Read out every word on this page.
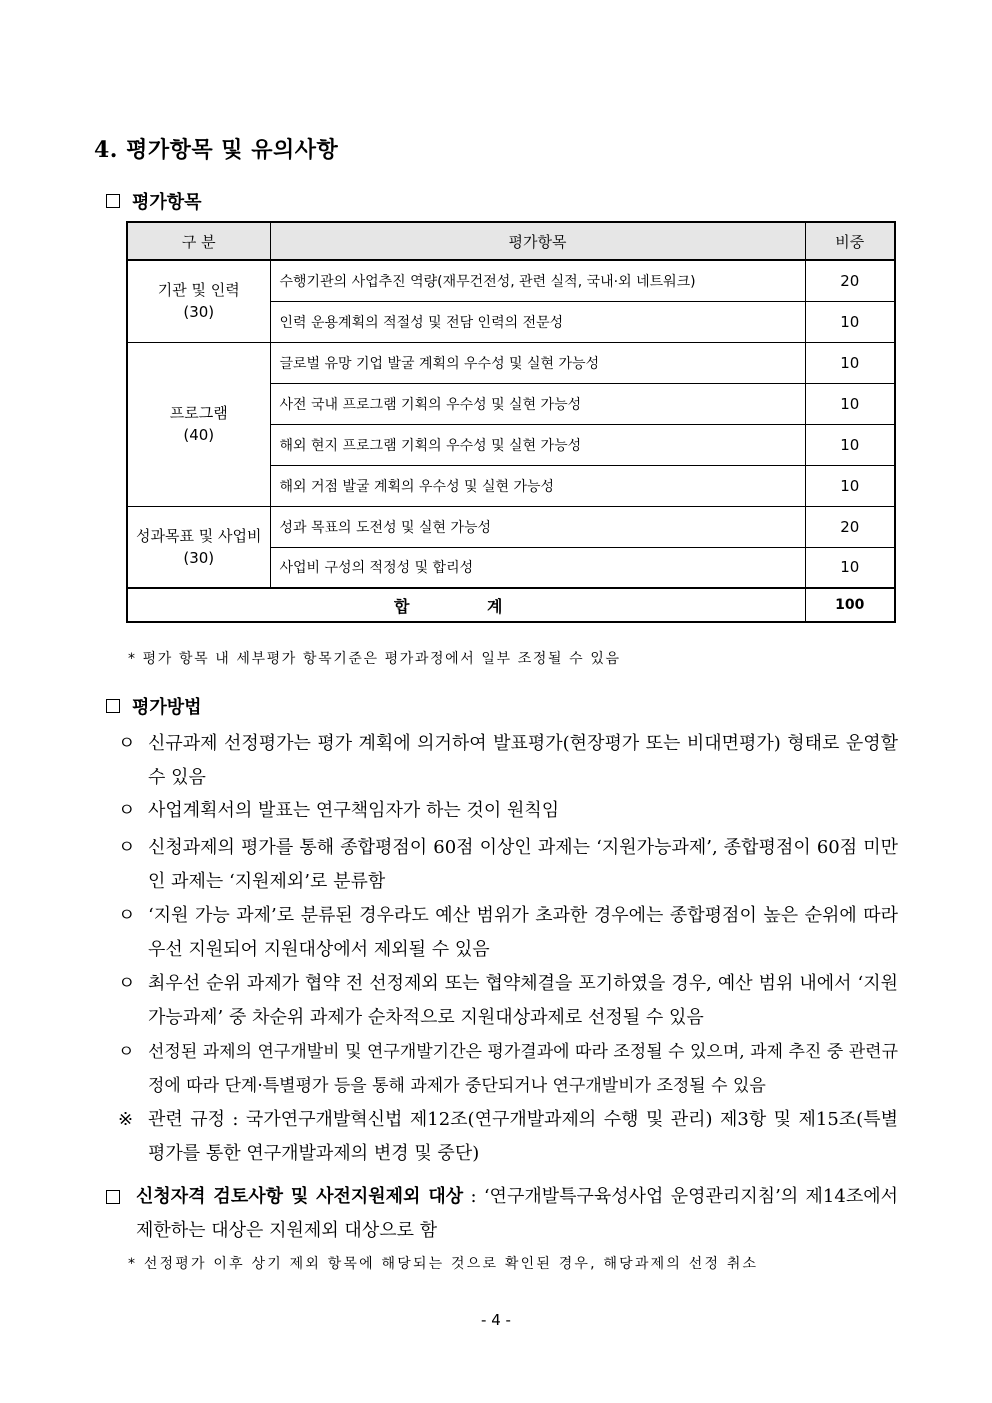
4. 평가항목 및 유의사항
평가항목
구 분	평가항목	비중

기관 및 인력
(30)	수행기관의 사업추진 역량(재무건전성, 관련 실적, 국내·외 네트워크)	20
	인력 운용계획의 적절성 및 전담 인력의 전문성	10

프로그램
(40)	글로벌 유망 기업 발굴 계획의 우수성 및 실현 가능성	10
	사전 국내 프로그램 기획의 우수성 및 실현 가능성	10
	해외 현지 프로그램 기획의 우수성 및 실현 가능성	10
	해외 거점 발굴 계획의 우수성 및 실현 가능성	10

성과목표 및 사업비
(30)	성과 목표의 도전성 및 실현 가능성	20
	사업비 구성의 적정성 및 합리성	10
합 계		100
* 평가 항목 내 세부평가 항목기준은 평가과정에서 일부 조정될 수 있음
평가방법
ㅇ 신규과제 선정평가는 평가 계획에 의거하여 발표평가(현장평가 또는 비대면평가) 형태로 운영할 수 있음
ㅇ 사업계획서의 발표는 연구책임자가 하는 것이 원칙임
ㅇ 신청과제의 평가를 통해 종합평점이 60점 이상인 과제는 ‘지원가능과제’, 종합평점이 60점 미만인 과제는 ‘지원제외’로 분류함
ㅇ ‘지원 가능 과제’로 분류된 경우라도 예산 범위가 초과한 경우에는 종합평점이 높은 순위에 따라 우선 지원되어 지원대상에서 제외될 수 있음
ㅇ 최우선 순위 과제가 협약 전 선정제외 또는 협약체결을 포기하였을 경우, 예산 범위 내에서 ‘지원가능과제’ 중 차순위 과제가 순차적으로 지원대상과제로 선정될 수 있음
ㅇ 선정된 과제의 연구개발비 및 연구개발기간은 평가결과에 따라 조정될 수 있으며, 과제 추진 중 관련규정에 따라 단계·특별평가 등을 통해 과제가 중단되거나 연구개발비가 조정될 수 있음
※ 관련 규정 : 국가연구개발혁신법 제12조(연구개발과제의 수행 및 관리) 제3항 및 제15조(특별평가를 통한 연구개발과제의 변경 및 중단)
신청자격 검토사항 및 사전지원제외 대상 : ‘연구개발특구육성사업 운영관리지침’의 제14조에서 제한하는 대상은 지원제외 대상으로 함
* 선정평가 이후 상기 제외 항목에 해당되는 것으로 확인된 경우, 해당과제의 선정 취소
- 4 -
